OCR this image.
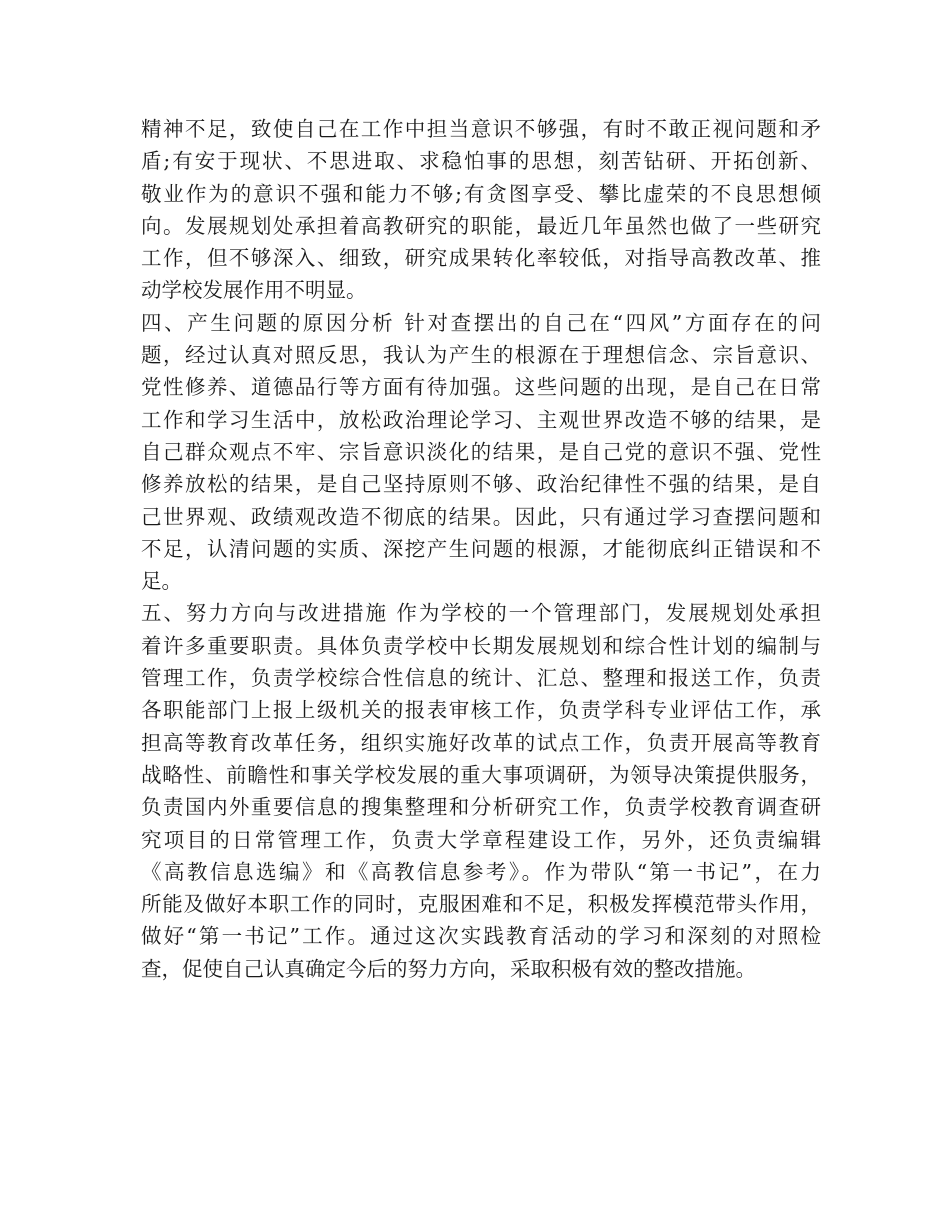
精神不足，致使自己在工作中担当意识不够强，有时不敢正视问题和矛
盾;有安于现状、不思进取、求稳怕事的思想，刻苦钻研、开拓创新、
敬业作为的意识不强和能力不够;有贪图享受、攀比虚荣的不良思想倾
向。发展规划处承担着高教研究的职能，最近几年虽然也做了一些研究
工作，但不够深入、细致，研究成果转化率较低，对指导高教改革、推
动学校发展作用不明显。
四、产生问题的原因分析 针对查摆出的自己在“四风”方面存在的问
题，经过认真对照反思，我认为产生的根源在于理想信念、宗旨意识、
党性修养、道德品行等方面有待加强。这些问题的出现，是自己在日常
工作和学习生活中，放松政治理论学习、主观世界改造不够的结果，是
自己群众观点不牢、宗旨意识淡化的结果，是自己党的意识不强、党性
修养放松的结果，是自己坚持原则不够、政治纪律性不强的结果，是自
己世界观、政绩观改造不彻底的结果。因此，只有通过学习查摆问题和
不足，认清问题的实质、深挖产生问题的根源，才能彻底纠正错误和不
足。
五、努力方向与改进措施 作为学校的一个管理部门，发展规划处承担
着许多重要职责。具体负责学校中长期发展规划和综合性计划的编制与
管理工作，负责学校综合性信息的统计、汇总、整理和报送工作，负责
各职能部门上报上级机关的报表审核工作，负责学科专业评估工作，承
担高等教育改革任务，组织实施好改革的试点工作，负责开展高等教育
战略性、前瞻性和事关学校发展的重大事项调研，为领导决策提供服务，
负责国内外重要信息的搜集整理和分析研究工作，负责学校教育调查研
究项目的日常管理工作，负责大学章程建设工作，另外，还负责编辑
《高教信息选编》和《高教信息参考》。作为带队“第一书记”，在力
所能及做好本职工作的同时，克服困难和不足，积极发挥模范带头作用，
做好“第一书记”工作。通过这次实践教育活动的学习和深刻的对照检
查，促使自己认真确定今后的努力方向，采取积极有效的整改措施。
